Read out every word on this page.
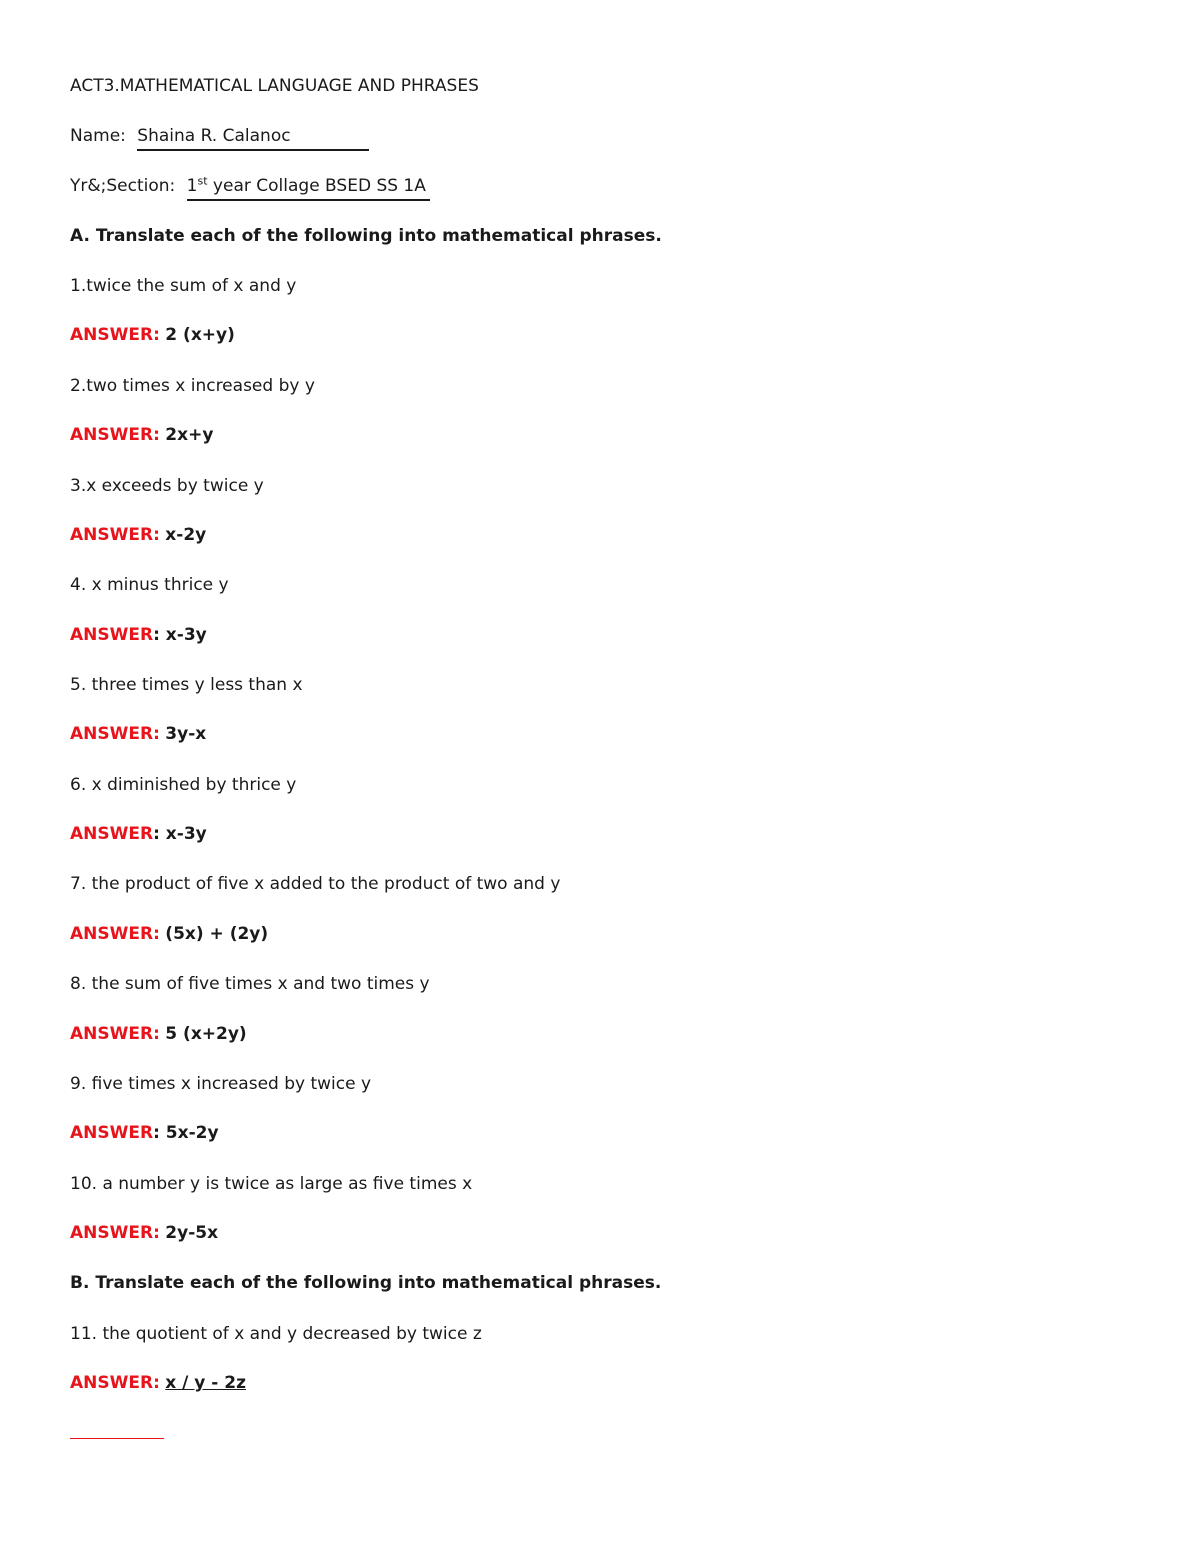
ACT3.MATHEMATICAL LANGUAGE AND PHRASES
Name: Shaina R. Calanoc
Yr&;Section: 1st year Collage BSED SS 1A
A. Translate each of the following into mathematical phrases.
1.twice the sum of x and y
ANSWER: 2 (x+y)
2.two times x increased by y
ANSWER: 2x+y
3.x exceeds by twice y
ANSWER: x-2y
4. x minus thrice y
ANSWER: x-3y
5. three times y less than x
ANSWER: 3y-x
6. x diminished by thrice y
ANSWER: x-3y
7. the product of five x added to the product of two and y
ANSWER: (5x) + (2y)
8. the sum of five times x and two times y
ANSWER: 5 (x+2y)
9. five times x increased by twice y
ANSWER: 5x-2y
10. a number y is twice as large as five times x
ANSWER: 2y-5x
B. Translate each of the following into mathematical phrases.
11. the quotient of x and y decreased by twice z
ANSWER: x / y - 2z
